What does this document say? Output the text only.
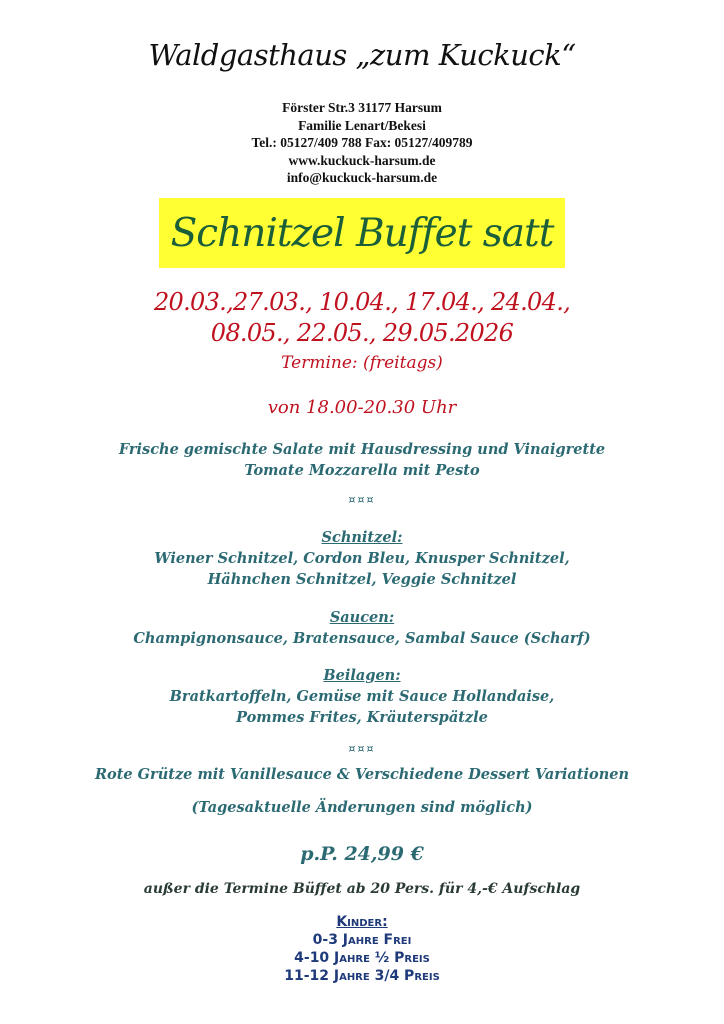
Waldgasthaus „zum Kuckuck“
Förster Str.3 31177 Harsum
Familie Lenart/Bekesi
Tel.: 05127/409 788 Fax: 05127/409789
www.kuckuck-harsum.de
info@kuckuck-harsum.de
Schnitzel Buffet satt
20.03.,27.03., 10.04., 17.04., 24.04.,
08.05., 22.05., 29.05.2026
Termine: (freitags)
von 18.00-20.30 Uhr
Frische gemischte Salate mit Hausdressing und Vinaigrette
Tomate Mozzarella mit Pesto
¤¤¤
Schnitzel:
Wiener Schnitzel, Cordon Bleu, Knusper Schnitzel,
Hähnchen Schnitzel, Veggie Schnitzel
Saucen:
Champignonsauce, Bratensauce, Sambal Sauce (Scharf)
Beilagen:
Bratkartoffeln, Gemüse mit Sauce Hollandaise,
Pommes Frites, Kräuterspätzle
¤¤¤
Rote Grütze mit Vanillesauce & Verschiedene Dessert Variationen
(Tagesaktuelle Änderungen sind möglich)
p.P. 24,99 €
außer die Termine Büffet ab 20 Pers. für 4,-€ Aufschlag
Kinder:
0-3 Jahre Frei
4-10 Jahre ½ Preis
11-12 Jahre 3/4 Preis
